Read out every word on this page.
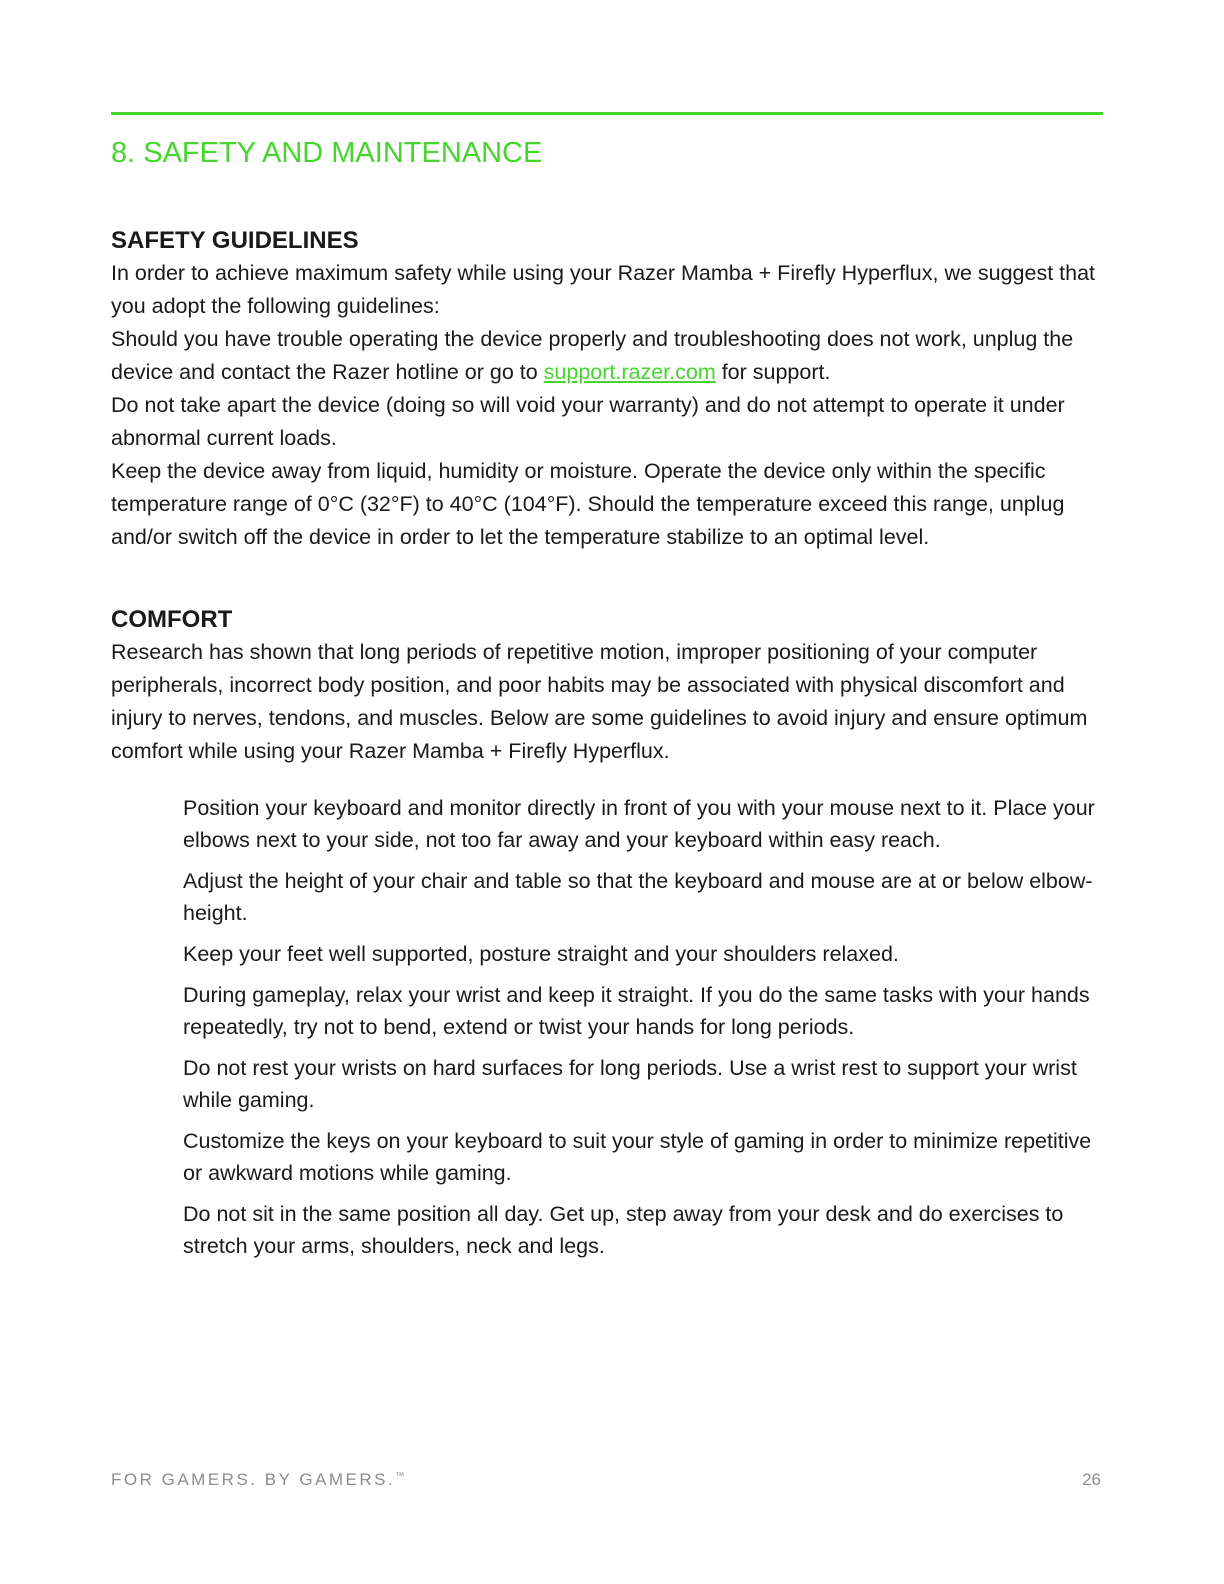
8. SAFETY AND MAINTENANCE
SAFETY GUIDELINES

In order to achieve maximum safety while using your Razer Mamba + Firefly Hyperflux, we suggest that you adopt the following guidelines:

Should you have trouble operating the device properly and troubleshooting does not work, unplug the device and contact the Razer hotline or go to support.razer.com for support.

Do not take apart the device (doing so will void your warranty) and do not attempt to operate it under abnormal current loads.

Keep the device away from liquid, humidity or moisture. Operate the device only within the specific temperature range of 0°C (32°F) to 40°C (104°F). Should the temperature exceed this range, unplug and/or switch off the device in order to let the temperature stabilize to an optimal level.

COMFORT

Research has shown that long periods of repetitive motion, improper positioning of your computer peripherals, incorrect body position, and poor habits may be associated with physical discomfort and injury to nerves, tendons, and muscles. Below are some guidelines to avoid injury and ensure optimum comfort while using your Razer Mamba + Firefly Hyperflux.

Position your keyboard and monitor directly in front of you with your mouse next to it. Place your elbows next to your side, not too far away and your keyboard within easy reach.
Adjust the height of your chair and table so that the keyboard and mouse are at or below elbow-height.
Keep your feet well supported, posture straight and your shoulders relaxed.
During gameplay, relax your wrist and keep it straight. If you do the same tasks with your hands repeatedly, try not to bend, extend or twist your hands for long periods.
Do not rest your wrists on hard surfaces for long periods. Use a wrist rest to support your wrist while gaming.
Customize the keys on your keyboard to suit your style of gaming in order to minimize repetitive or awkward motions while gaming.
Do not sit in the same position all day. Get up, step away from your desk and do exercises to stretch your arms, shoulders, neck and legs.
FOR GAMERS. BY GAMERS.™	26
